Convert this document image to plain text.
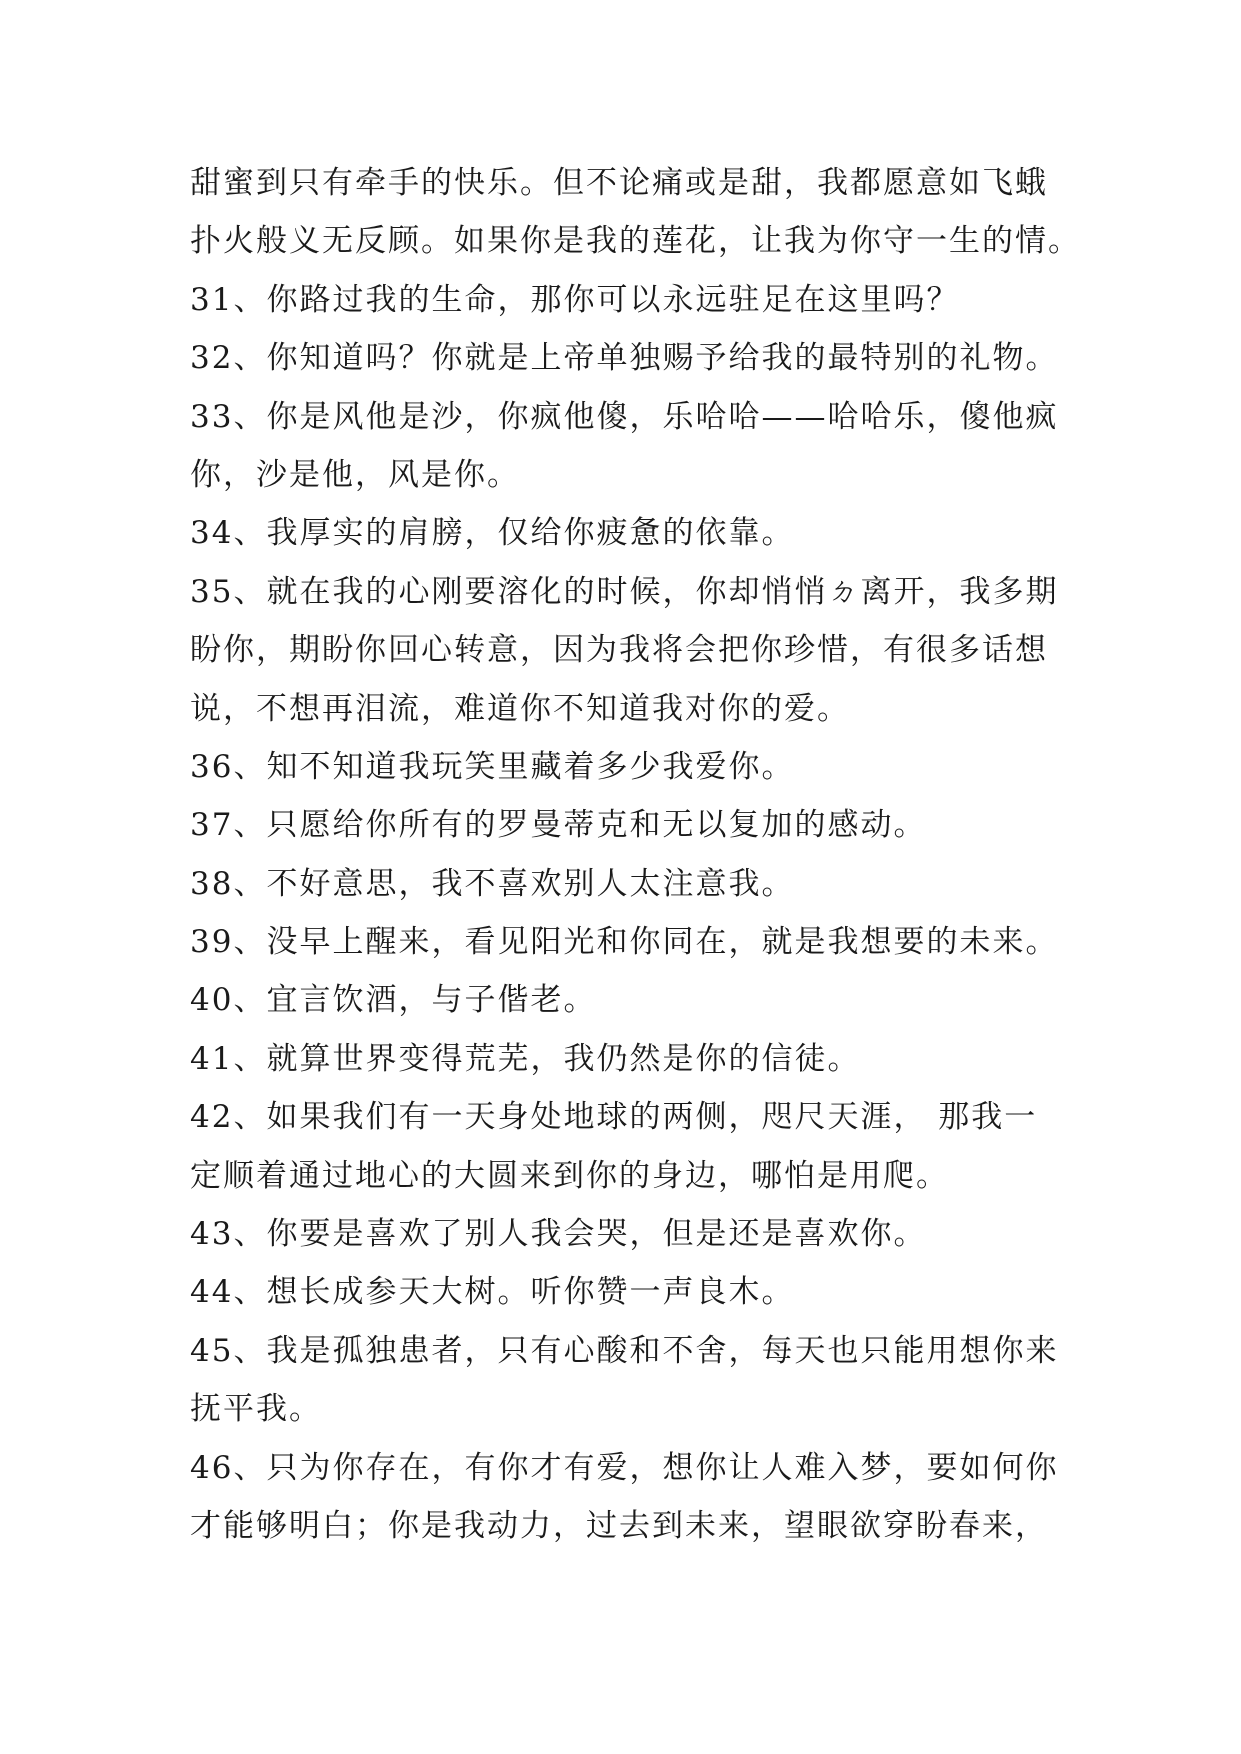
甜蜜到只有牵手的快乐。但不论痛或是甜，我都愿意如飞蛾

扑火般义无反顾。如果你是我的莲花，让我为你守一生的情。

31、你路过我的生命，那你可以永远驻足在这里吗？

32、你知道吗？你就是上帝单独赐予给我的最特别的礼物。

33、你是风他是沙，你疯他傻，乐哈哈——哈哈乐，傻他疯

你，沙是他，风是你。

34、我厚实的肩膀，仅给你疲惫的依靠。

35、就在我的心刚要溶化的时候，你却悄悄ㄉ离开，我多期

盼你，期盼你回心转意，因为我将会把你珍惜，有很多话想

说，不想再泪流，难道你不知道我对你的爱。

36、知不知道我玩笑里藏着多少我爱你。

37、只愿给你所有的罗曼蒂克和无以复加的感动。

38、不好意思，我不喜欢别人太注意我。

39、没早上醒来，看见阳光和你同在，就是我想要的未来。

40、宜言饮酒，与子偕老。

41、就算世界变得荒芜，我仍然是你的信徒。

42、如果我们有一天身处地球的两侧，咫尺天涯， 那我一

定顺着通过地心的大圆来到你的身边，哪怕是用爬。

43、你要是喜欢了别人我会哭，但是还是喜欢你。

44、想长成参天大树。听你赞一声良木。

45、我是孤独患者，只有心酸和不舍，每天也只能用想你来

抚平我。

46、只为你存在，有你才有爱，想你让人难入梦，要如何你

才能够明白；你是我动力，过去到未来，望眼欲穿盼春来，
